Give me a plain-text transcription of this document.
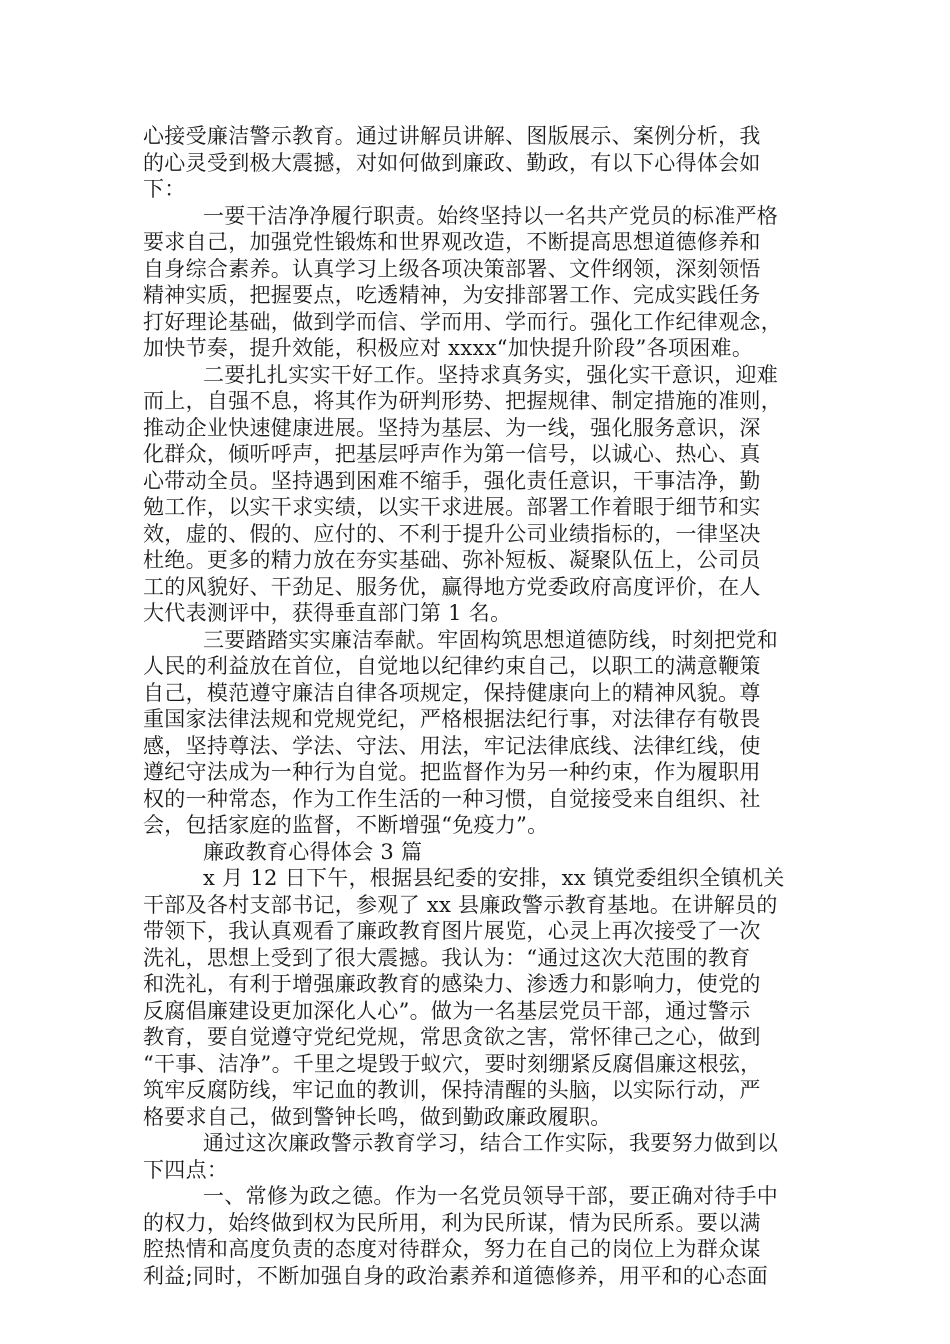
心接受廉洁警示教育。通过讲解员讲解、图版展示、案例分析，我
的心灵受到极大震撼，对如何做到廉政、勤政，有以下心得体会如
下：
一要干洁净净履行职责。始终坚持以一名共产党员的标准严格
要求自己，加强党性锻炼和世界观改造，不断提高思想道德修养和
自身综合素养。认真学习上级各项决策部署、文件纲领，深刻领悟
精神实质，把握要点，吃透精神，为安排部署工作、完成实践任务
打好理论基础，做到学而信、学而用、学而行。强化工作纪律观念，
加快节奏，提升效能，积极应对 xxxx“加快提升阶段”各项困难。
二要扎扎实实干好工作。坚持求真务实，强化实干意识，迎难
而上，自强不息，将其作为研判形势、把握规律、制定措施的准则，
推动企业快速健康进展。坚持为基层、为一线，强化服务意识，深
化群众，倾听呼声，把基层呼声作为第一信号，以诚心、热心、真
心带动全员。坚持遇到困难不缩手，强化责任意识，干事洁净，勤
勉工作，以实干求实绩，以实干求进展。部署工作着眼于细节和实
效，虚的、假的、应付的、不利于提升公司业绩指标的，一律坚决
杜绝。更多的精力放在夯实基础、弥补短板、凝聚队伍上，公司员
工的风貌好、干劲足、服务优，赢得地方党委政府高度评价，在人
大代表测评中，获得垂直部门第 1 名。
三要踏踏实实廉洁奉献。牢固构筑思想道德防线，时刻把党和
人民的利益放在首位，自觉地以纪律约束自己，以职工的满意鞭策
自己，模范遵守廉洁自律各项规定，保持健康向上的精神风貌。尊
重国家法律法规和党规党纪，严格根据法纪行事，对法律存有敬畏
感，坚持尊法、学法、守法、用法，牢记法律底线、法律红线，使
遵纪守法成为一种行为自觉。把监督作为另一种约束，作为履职用
权的一种常态，作为工作生活的一种习惯，自觉接受来自组织、社
会，包括家庭的监督，不断增强“免疫力”。
廉政教育心得体会 3 篇
x 月 12 日下午，根据县纪委的安排，xx 镇党委组织全镇机关
干部及各村支部书记，参观了 xx 县廉政警示教育基地。在讲解员的
带领下，我认真观看了廉政教育图片展览，心灵上再次接受了一次
洗礼，思想上受到了很大震撼。我认为：“通过这次大范围的教育
和洗礼，有利于增强廉政教育的感染力、渗透力和影响力，使党的
反腐倡廉建设更加深化人心”。做为一名基层党员干部，通过警示
教育，要自觉遵守党纪党规，常思贪欲之害，常怀律己之心，做到
“干事、洁净”。千里之堤毁于蚁穴，要时刻绷紧反腐倡廉这根弦，
筑牢反腐防线，牢记血的教训，保持清醒的头脑，以实际行动，严
格要求自己，做到警钟长鸣，做到勤政廉政履职。
通过这次廉政警示教育学习，结合工作实际，我要努力做到以
下四点：
一、常修为政之德。作为一名党员领导干部，要正确对待手中
的权力，始终做到权为民所用，利为民所谋，情为民所系。要以满
腔热情和高度负责的态度对待群众，努力在自己的岗位上为群众谋
利益;同时，不断加强自身的政治素养和道德修养，用平和的心态面
